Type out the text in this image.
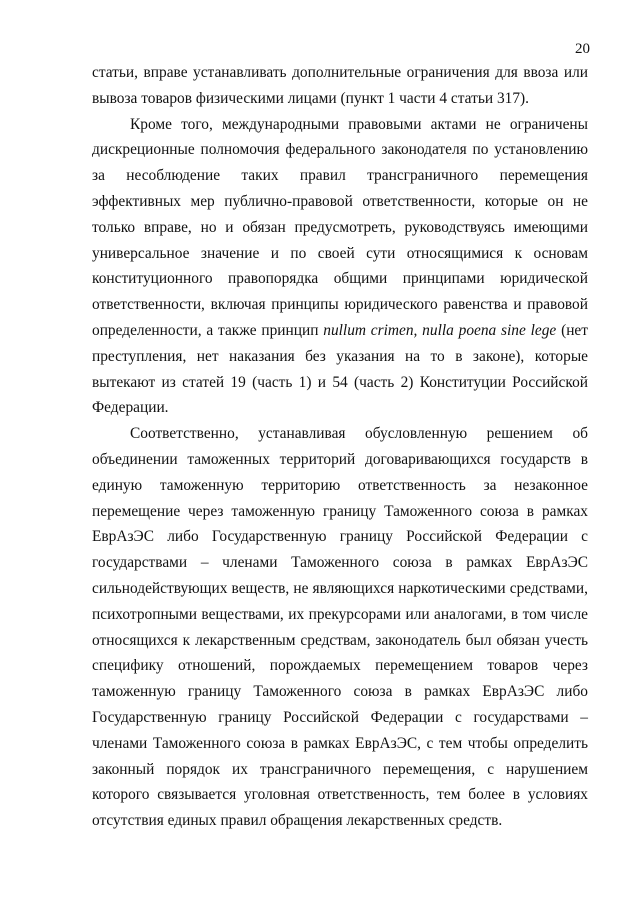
20

статьи, вправе устанавливать дополнительные ограничения для ввоза или вывоза товаров физическими лицами (пункт 1 части 4 статьи 317).

Кроме того, международными правовыми актами не ограничены дискреционные полномочия федерального законодателя по установлению за несоблюдение таких правил трансграничного перемещения эффективных мер публично-правовой ответственности, которые он не только вправе, но и обязан предусмотреть, руководствуясь имеющими универсальное значение и по своей сути относящимися к основам конституционного правопорядка общими принципами юридической ответственности, включая принципы юридического равенства и правовой определенности, а также принцип nullum crimen, nulla poena sine lege (нет преступления, нет наказания без указания на то в законе), которые вытекают из статей 19 (часть 1) и 54 (часть 2) Конституции Российской Федерации.

Соответственно, устанавливая обусловленную решением об объединении таможенных территорий договаривающихся государств в единую таможенную территорию ответственность за незаконное перемещение через таможенную границу Таможенного союза в рамках ЕврАзЭС либо Государственную границу Российской Федерации с государствами – членами Таможенного союза в рамках ЕврАзЭС сильнодействующих веществ, не являющихся наркотическими средствами, психотропными веществами, их прекурсорами или аналогами, в том числе относящихся к лекарственным средствам, законодатель был обязан учесть специфику отношений, порождаемых перемещением товаров через таможенную границу Таможенного союза в рамках ЕврАзЭС либо Государственную границу Российской Федерации с государствами – членами Таможенного союза в рамках ЕврАзЭС, с тем чтобы определить законный порядок их трансграничного перемещения, с нарушением которого связывается уголовная ответственность, тем более в условиях отсутствия единых правил обращения лекарственных средств.
